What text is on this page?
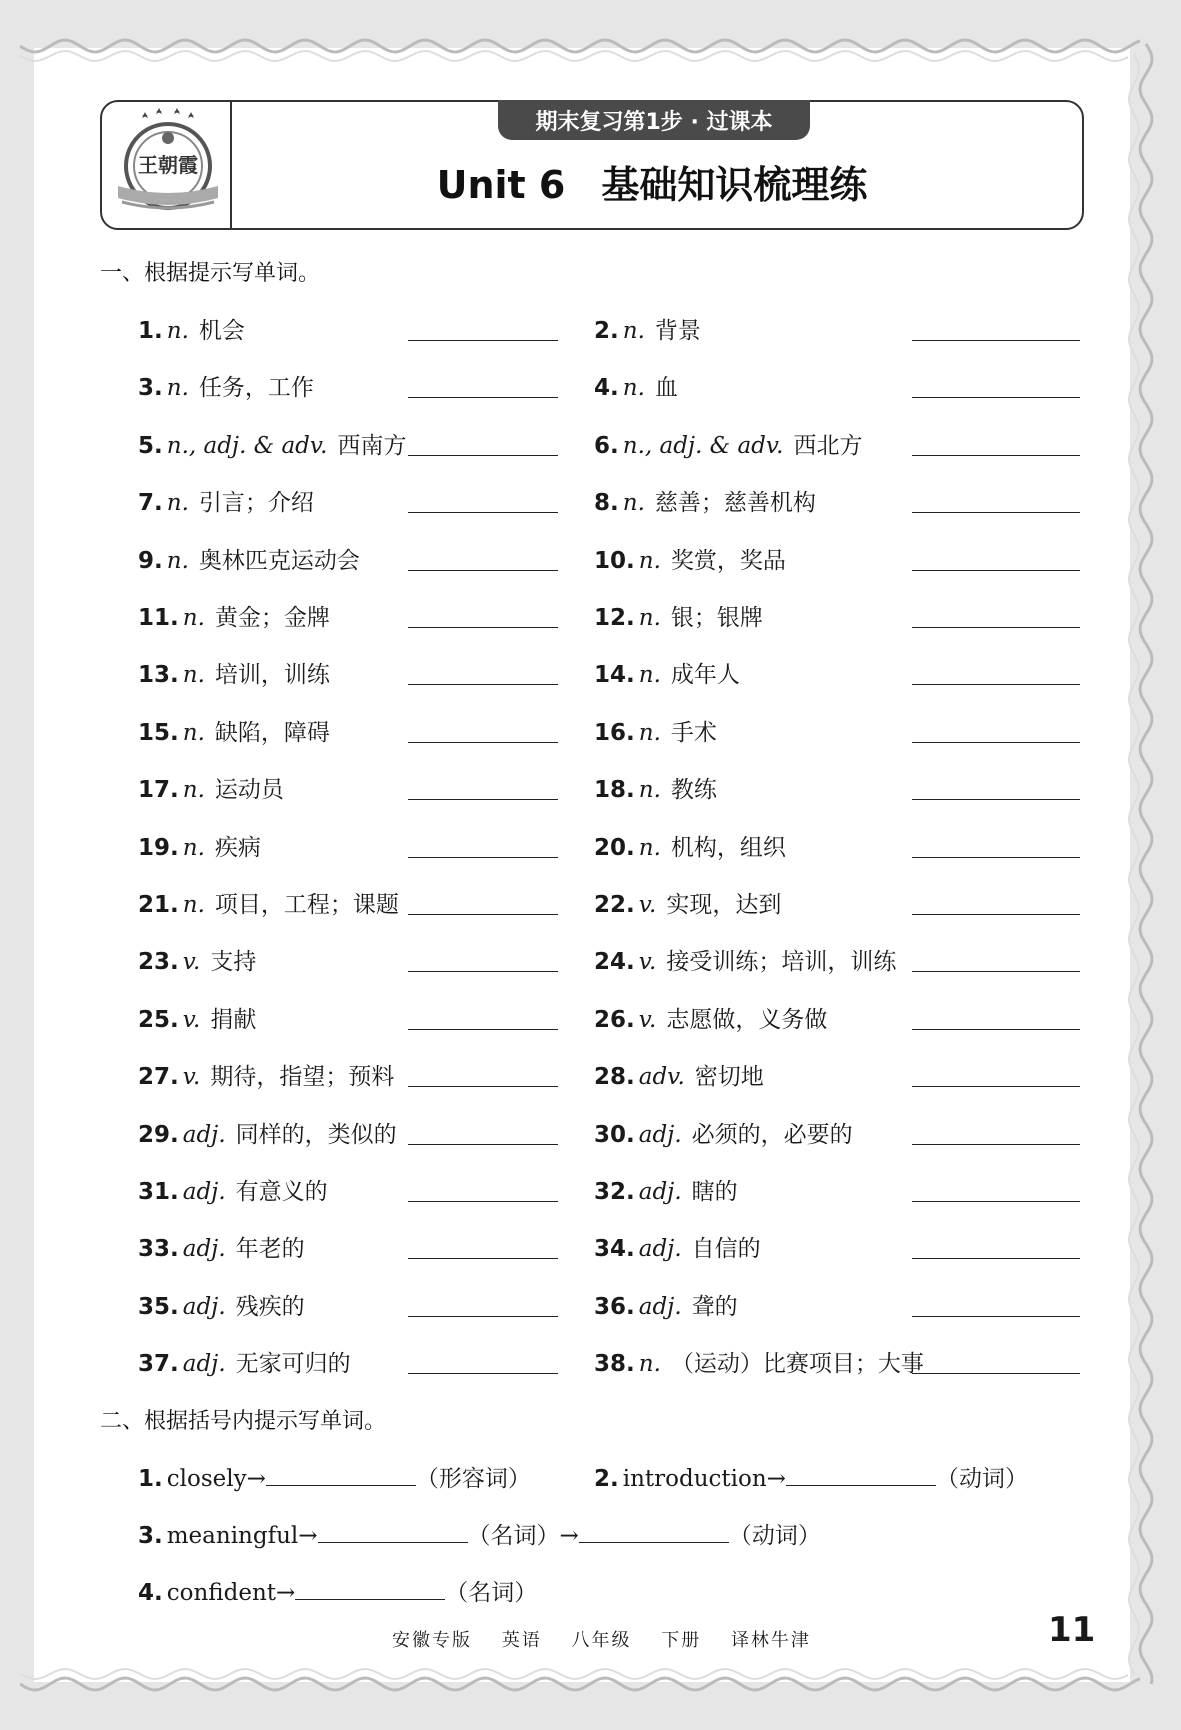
王朝霞
期末复习第1步 · 过课本
Unit 6 基础知识梳理练
一、根据提示写单词。
1. n. 机会	2. n. 背景
3. n. 任务，工作	4. n. 血
5. n., adj. & adv. 西南方	6. n., adj. & adv. 西北方
7. n. 引言；介绍	8. n. 慈善；慈善机构
9. n. 奥林匹克运动会	10. n. 奖赏，奖品
11. n. 黄金；金牌	12. n. 银；银牌
13. n. 培训，训练	14. n. 成年人
15. n. 缺陷，障碍	16. n. 手术
17. n. 运动员	18. n. 教练
19. n. 疾病	20. n. 机构，组织
21. n. 项目，工程；课题	22. v. 实现，达到
23. v. 支持	24. v. 接受训练；培训，训练
25. v. 捐献	26. v. 志愿做，义务做
27. v. 期待，指望；预料	28. adv. 密切地
29. adj. 同样的，类似的	30. adj. 必须的，必要的
31. adj. 有意义的	32. adj. 瞎的
33. adj. 年老的	34. adj. 自信的
35. adj. 残疾的	36. adj. 聋的
37. adj. 无家可归的	38. n. （运动）比赛项目；大事
二、根据括号内提示写单词。
1. closely→	（形容词）	2. introduction→	（动词）
3. meaningful→	（名词）→	（动词）
4. confident→	（名词）
安徽专版 英语 八年级 下册 译林牛津	11
